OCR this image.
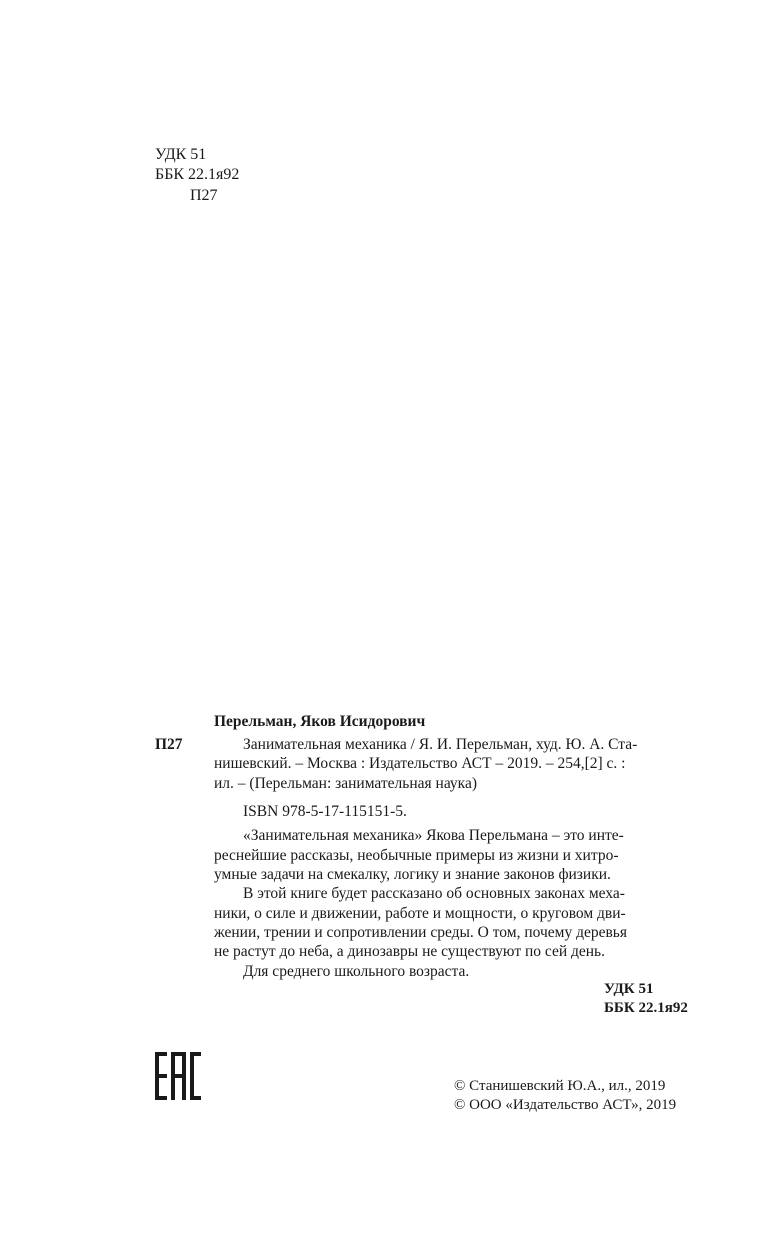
УДК 51
ББК 22.1я92
П27
Перельман, Яков Исидорович
П27	Занимательная механика / Я. И. Перельман, худ. Ю. А. Ста-
нишевский. – Москва : Издательство АСТ – 2019. – 254,[2] с. :
ил. – (Перельман: занимательная наука)
ISBN 978-5-17-115151-5.
«Занимательная механика» Якова Перельмана – это инте-
реснейшие рассказы, необычные примеры из жизни и хитро-
умные задачи на смекалку, логику и знание законов физики.
В этой книге будет рассказано об основных законах меха-
ники, о силе и движении, работе и мощности, о круговом дви-
жении, трении и сопротивлении среды. О том, почему деревья
не растут до неба, а динозавры не существуют по сей день.
Для среднего школьного возраста.
УДК 51
ББК 22.1я92
© Станишевский Ю.А., ил., 2019
© ООО «Издательство АСТ», 2019
